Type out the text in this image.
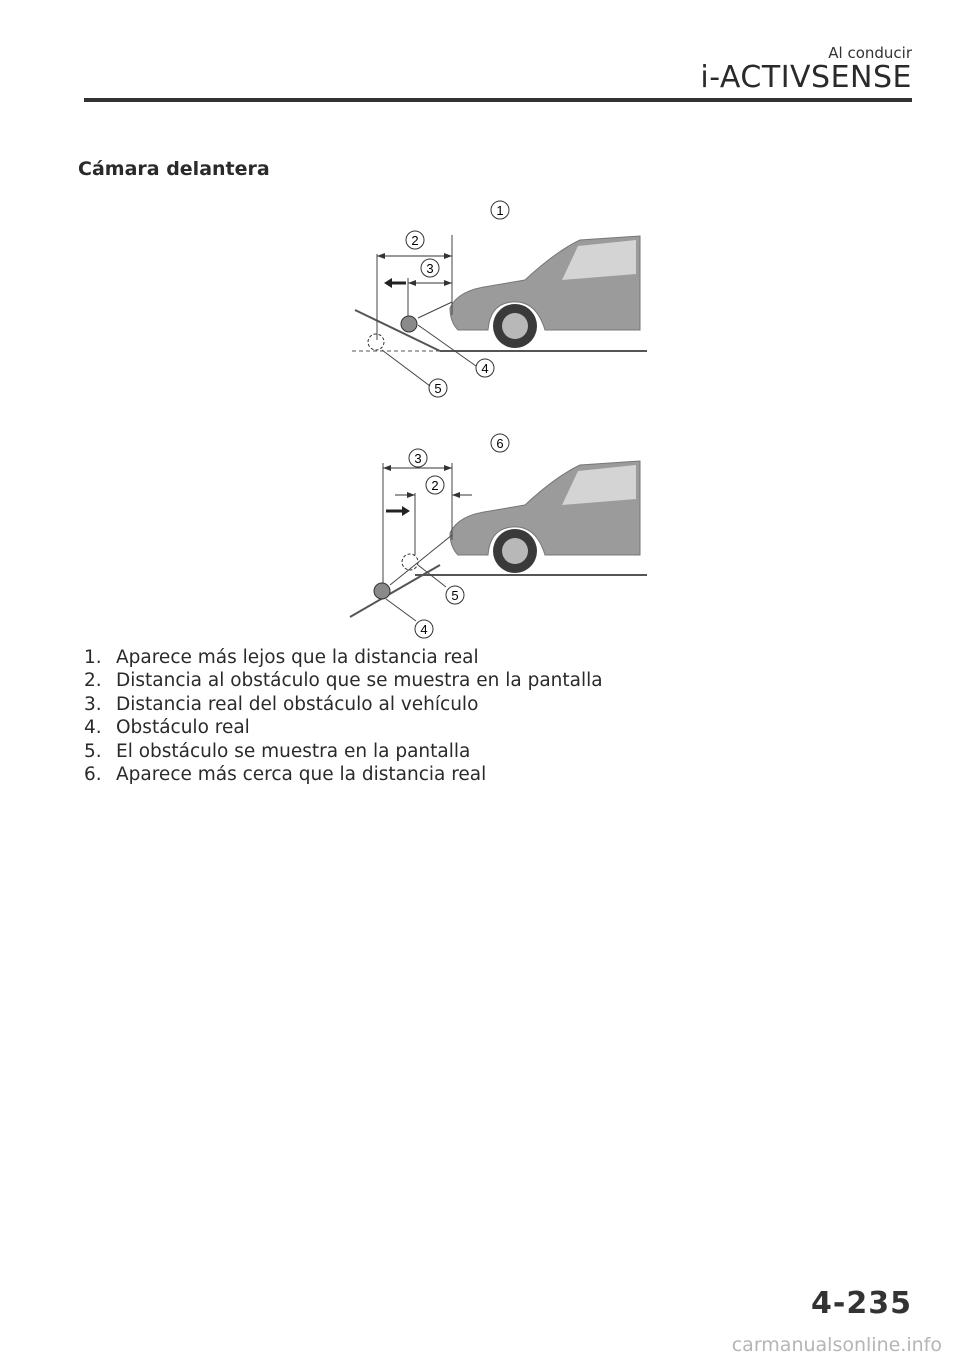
Al conducir
i-ACTIVSENSE
Cámara delantera
1
2
3
4
5
6
3
2
5
4
1. Aparece más lejos que la distancia real
2. Distancia al obstáculo que se muestra en la pantalla
3. Distancia real del obstáculo al vehículo
4. Obstáculo real
5. El obstáculo se muestra en la pantalla
6. Aparece más cerca que la distancia real
4-235
carmanualsonline.info
